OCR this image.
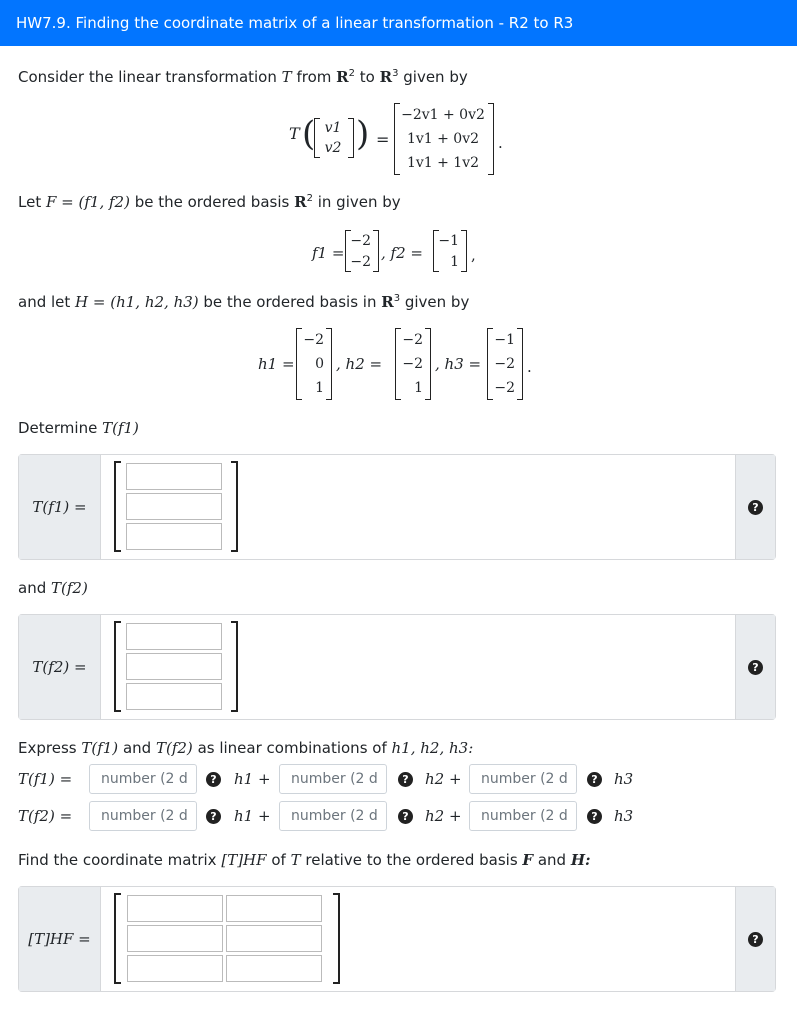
HW7.9. Finding the coordinate matrix of a linear transformation - R2 to R3
Consider the linear transformation T from $R^2$ to $R^3$ given by
T ( v1
v2 ) =
−2v1 + 0v2
1v1 + 0v2
1v1 + 1v2
.
Let F = (f1, f2) be the ordered basis $R^2$ in given by
f1 =
−2
−2 , f2 =
−1
1 ,
and let H = (h1, h2, h3) be the ordered basis in $R^3$ given by
h1 =
−2
0
1
, h2 =
−2
−2
1
, h3 =
−1
−2
−2
.
Determine T(f1)
T(f1) =	?
and T(f2)
T(f2) =	?
Express T(f1) and T(f2) as linear combinations of h1, h2, h3:
T(f1) =	number (2 d	? h1 +	number (2 d	? h2 +	number (2 d	? h3
T(f2) =	number (2 d	? h1 +	number (2 d	? h2 +	number (2 d	? h3
Find the coordinate matrix [T]HF of T relative to the ordered basis F and H:
[T]HF =	?
